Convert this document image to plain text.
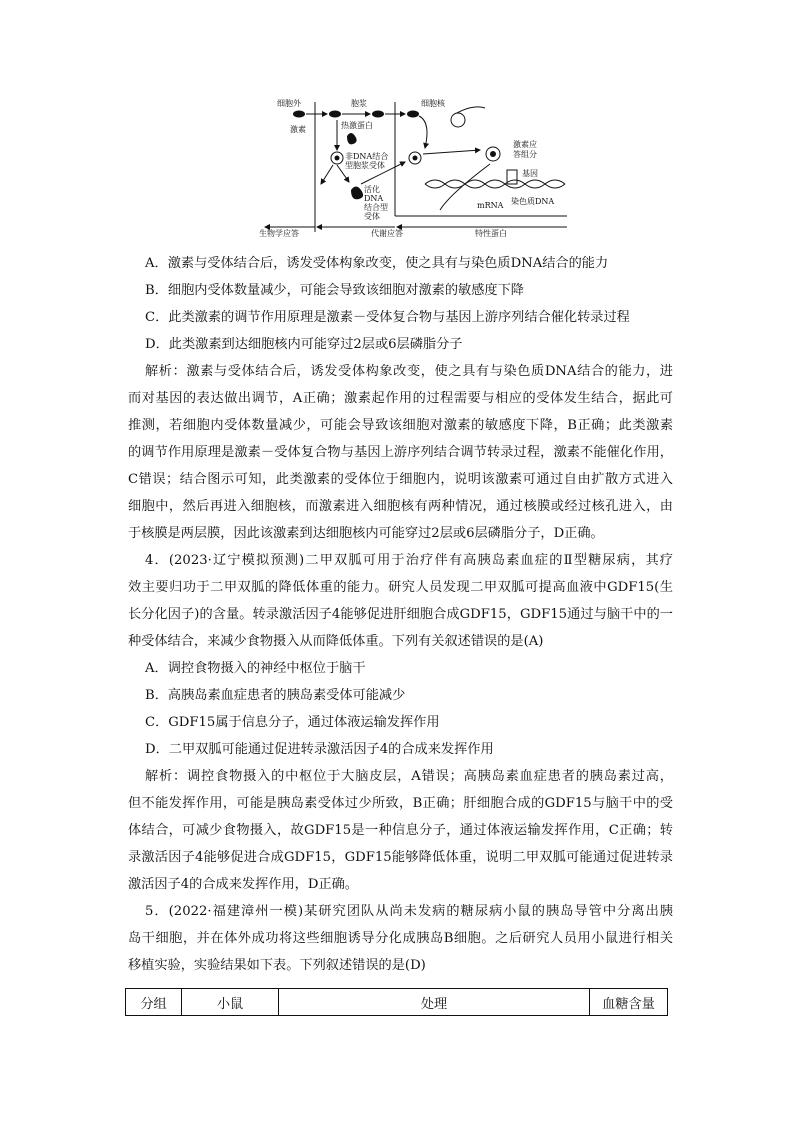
细胞外	胞浆	细胞核
激素	热激蛋白
非DNA结合
型胞浆受体
活化
DNA
结合型
受体
激素应
答组分
基因
mRNA 染色质DNA
生物学应答	代谢应答	特性蛋白
A．激素与受体结合后，诱发受体构象改变，使之具有与染色质DNA结合的能力
B．细胞内受体数量减少，可能会导致该细胞对激素的敏感度下降
C．此类激素的调节作用原理是激素－受体复合物与基因上游序列结合催化转录过程
D．此类激素到达细胞核内可能穿过2层或6层磷脂分子
解析：激素与受体结合后，诱发受体构象改变，使之具有与染色质DNA结合的能力，进
而对基因的表达做出调节，A正确；激素起作用的过程需要与相应的受体发生结合，据此可
推测，若细胞内受体数量减少，可能会导致该细胞对激素的敏感度下降，B正确；此类激素
的调节作用原理是激素－受体复合物与基因上游序列结合调节转录过程，激素不能催化作用，
C错误；结合图示可知，此类激素的受体位于细胞内，说明该激素可通过自由扩散方式进入
细胞中，然后再进入细胞核，而激素进入细胞核有两种情况，通过核膜或经过核孔进入，由
于核膜是两层膜，因此该激素到达细胞核内可能穿过2层或6层磷脂分子，D正确。
4．(2023·辽宁模拟预测)二甲双胍可用于治疗伴有高胰岛素血症的Ⅱ型糖尿病，其疗
效主要归功于二甲双胍的降低体重的能力。研究人员发现二甲双胍可提高血液中GDF15(生
长分化因子)的含量。转录激活因子4能够促进肝细胞合成GDF15，GDF15通过与脑干中的一
种受体结合，来减少食物摄入从而降低体重。下列有关叙述错误的是(A)
A．调控食物摄入的神经中枢位于脑干
B．高胰岛素血症患者的胰岛素受体可能减少
C．GDF15属于信息分子，通过体液运输发挥作用
D．二甲双胍可能通过促进转录激活因子4的合成来发挥作用
解析：调控食物摄入的中枢位于大脑皮层，A错误；高胰岛素血症患者的胰岛素过高，
但不能发挥作用，可能是胰岛素受体过少所致，B正确；肝细胞合成的GDF15与脑干中的受
体结合，可减少食物摄入，故GDF15是一种信息分子，通过体液运输发挥作用，C正确；转
录激活因子4能够促进合成GDF15，GDF15能够降低体重，说明二甲双胍可能通过促进转录
激活因子4的合成来发挥作用，D正确。
5．(2022·福建漳州一模)某研究团队从尚未发病的糖尿病小鼠的胰岛导管中分离出胰
岛干细胞，并在体外成功将这些细胞诱导分化成胰岛B细胞。之后研究人员用小鼠进行相关
移植实验，实验结果如下表。下列叙述错误的是(D)
分组	小鼠	处理	血糖含量
